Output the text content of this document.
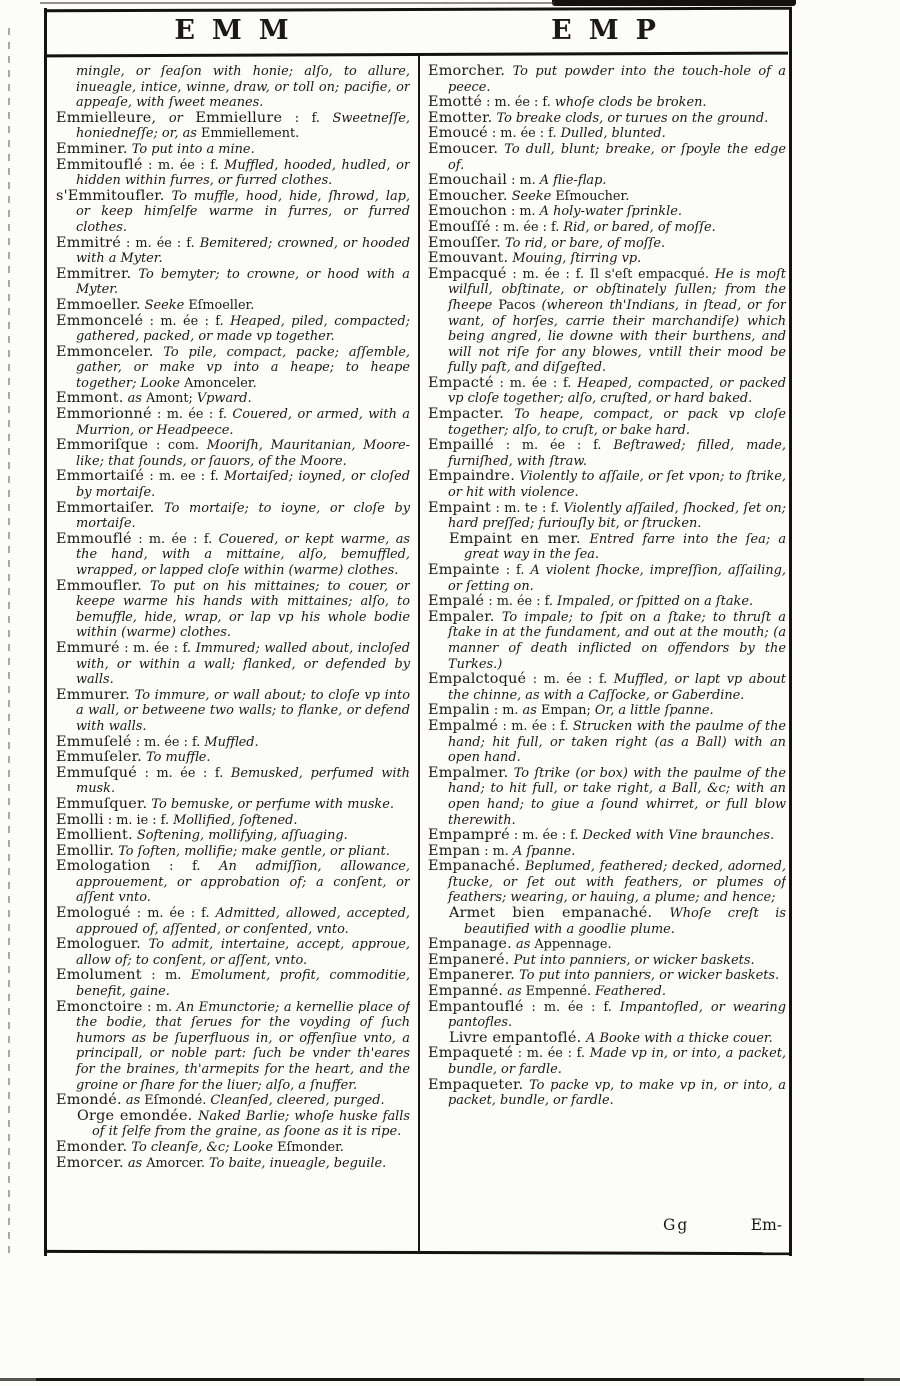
EMM	EMP

mingle, or ſeaſon with honie; alſo, to allure, inueagle, intice, winne, draw, or toll on; pacifie, or appeaſe, with ſweet meanes.

Emmielleure, or Emmiellure : f. Sweetneſſe, honiedneſſe; or, as Emmiellement.

Emminer. To put into a mine.

Emmitouflé : m. ée : f. Muffled, hooded, hudled, or hidden within furres, or furred clothes.

s'Emmitoufler. To muffle, hood, hide, ſhrowd, lap, or keep himſelfe warme in furres, or furred clothes.

Emmitré : m. ée : f. Bemitered; crowned, or hooded with a Myter.

Emmitrer. To bemyter; to crowne, or hood with a Myter.

Emmoeller. Seeke Eſmoeller.

Emmoncelé : m. ée : f. Heaped, piled, compacted; gathered, packed, or made vp together.

Emmonceler. To pile, compact, packe; aſſemble, gather, or make vp into a heape; to heape together; Looke Amonceler.

Emmont. as Amont; Vpward.

Emmorionné : m. ée : f. Couered, or armed, with a Murrion, or Headpeece.

Emmoriſque : com. Mooriſh, Mauritanian, Moore-like; that ſounds, or ſauors, of the Moore.

Emmortaiſé : m. ee : f. Mortaiſed; ioyned, or cloſed by mortaiſe.

Emmortaiſer. To mortaiſe; to ioyne, or cloſe by mortaiſe.

Emmouflé : m. ée : f. Couered, or kept warme, as the hand, with a mittaine, alſo, bemuffled, wrapped, or lapped cloſe within (warme) clothes.

Emmoufler. To put on his mittaines; to couer, or keepe warme his hands with mittaines; alſo, to bemuffle, hide, wrap, or lap vp his whole bodie within (warme) clothes.

Emmuré : m. ée : f. Immured; walled about, incloſed with, or within a wall; flanked, or defended by walls.

Emmurer. To immure, or wall about; to cloſe vp into a wall, or betweene two walls; to flanke, or defend with walls.

Emmuſelé : m. ée : f. Muffled.

Emmuſeler. To muffle.

Emmuſqué : m. ée : f. Bemusked, perfumed with musk.

Emmuſquer. To bemuske, or perfume with muske.

Emolli : m. ie : f. Mollified, ſoftened.

Emollient. Softening, mollifying, aſſuaging.

Emollir. To ſoften, mollifie; make gentle, or pliant.

Emologation : f. An admiſſion, allowance, approuement, or approbation of; a conſent, or aſſent vnto.

Emologué : m. ée : f. Admitted, allowed, accepted, approued of, aſſented, or conſented, vnto.

Emologuer. To admit, intertaine, accept, approue, allow of; to conſent, or aſſent, vnto.

Emolument : m. Emolument, profit, commoditie, benefit, gaine.

Emonctoire : m. An Emunctorie; a kernellie place of the bodie, that ſerues for the voyding of ſuch humors as be ſuperfluous in, or offenſiue vnto, a principall, or noble part: ſuch be vnder th'eares for the braines, th'armepits for the heart, and the groine or ſhare for the liuer; alſo, a ſnuffer.

Emondé. as Eſmondé. Cleanſed, cleered, purged.

Orge emondée. Naked Barlie; whoſe huske falls of it ſelfe from the graine, as ſoone as it is ripe.

Emonder. To cleanſe, &c; Looke Eſmonder.

Emorcer. as Amorcer. To baite, inueagle, beguile.

Emorcher. To put powder into the touch-hole of a peece.

Emotté : m. ée : f. whoſe clods be broken.

Emotter. To breake clods, or turues on the ground.

Emoucé : m. ée : f. Dulled, blunted.

Emoucer. To dull, blunt; breake, or ſpoyle the edge of.

Emouchail : m. A flie-flap.

Emoucher. Seeke Eſmoucher.

Emouchon : m. A holy-water ſprinkle.

Emouſſé : m. ée : f. Rid, or bared, of moſſe.

Emouſſer. To rid, or bare, of moſſe.

Emouvant. Mouing, ſtirring vp.

Empacqué : m. ée : f. Il s'eſt empacqué. He is moſt wilfull, obſtinate, or obſtinately ſullen; from the ſheepe Pacos (whereon th'Indians, in ſtead, or for want, of horſes, carrie their marchandiſe) which being angred, lie downe with their burthens, and will not riſe for any blowes, vntill their mood be fully paſt, and diſgeſted.

Empacté : m. ée : f. Heaped, compacted, or packed vp cloſe together; alſo, cruſted, or hard baked.

Empacter. To heape, compact, or pack vp cloſe together; alſo, to cruſt, or bake hard.

Empaillé : m. ée : f. Beſtrawed; filled, made, furniſhed, with ſtraw.

Empaindre. Violently to aſſaile, or ſet vpon; to ſtrike, or hit with violence.

Empaint : m. te : f. Violently aſſailed, ſhocked, ſet on; hard preſſed; furiouſly bit, or ſtrucken.

Empaint en mer. Entred farre into the ſea; a great way in the ſea.

Empainte : f. A violent ſhocke, impreſſion, aſſailing, or ſetting on.

Empalé : m. ée : f. Impaled, or ſpitted on a ſtake.

Empaler. To impale; to ſpit on a ſtake; to thruſt a ſtake in at the fundament, and out at the mouth; (a manner of death inflicted on offendors by the Turkes.)

Empalctoqué : m. ée : f. Muffled, or lapt vp about the chinne, as with a Caſſocke, or Gaberdine.

Empalin : m. as Empan; Or, a little ſpanne.

Empalmé : m. ée : f. Strucken with the paulme of the hand; hit full, or taken right (as a Ball) with an open hand.

Empalmer. To ſtrike (or box) with the paulme of the hand; to hit full, or take right, a Ball, &c; with an open hand; to giue a ſound whirret, or full blow therewith.

Empampré : m. ée : f. Decked with Vine braunches.

Empan : m. A ſpanne.

Empanaché. Beplumed, feathered; decked, adorned, ſtucke, or ſet out with feathers, or plumes of feathers; wearing, or hauing, a plume; and hence;

Armet bien empanaché. Whoſe creſt is beautified with a goodlie plume.

Empanage. as Appennage.

Empaneré. Put into panniers, or wicker baskets.

Empanerer. To put into panniers, or wicker baskets.

Empanné. as Empenné. Feathered.

Empantouflé : m. ée : f. Impantofled, or wearing pantofles.

Livre empantoflé. A Booke with a thicke couer.

Empaqueté : m. ée : f. Made vp in, or into, a packet, bundle, or fardle.

Empaqueter. To packe vp, to make vp in, or into, a packet, bundle, or fardle.

Gg	Em-
